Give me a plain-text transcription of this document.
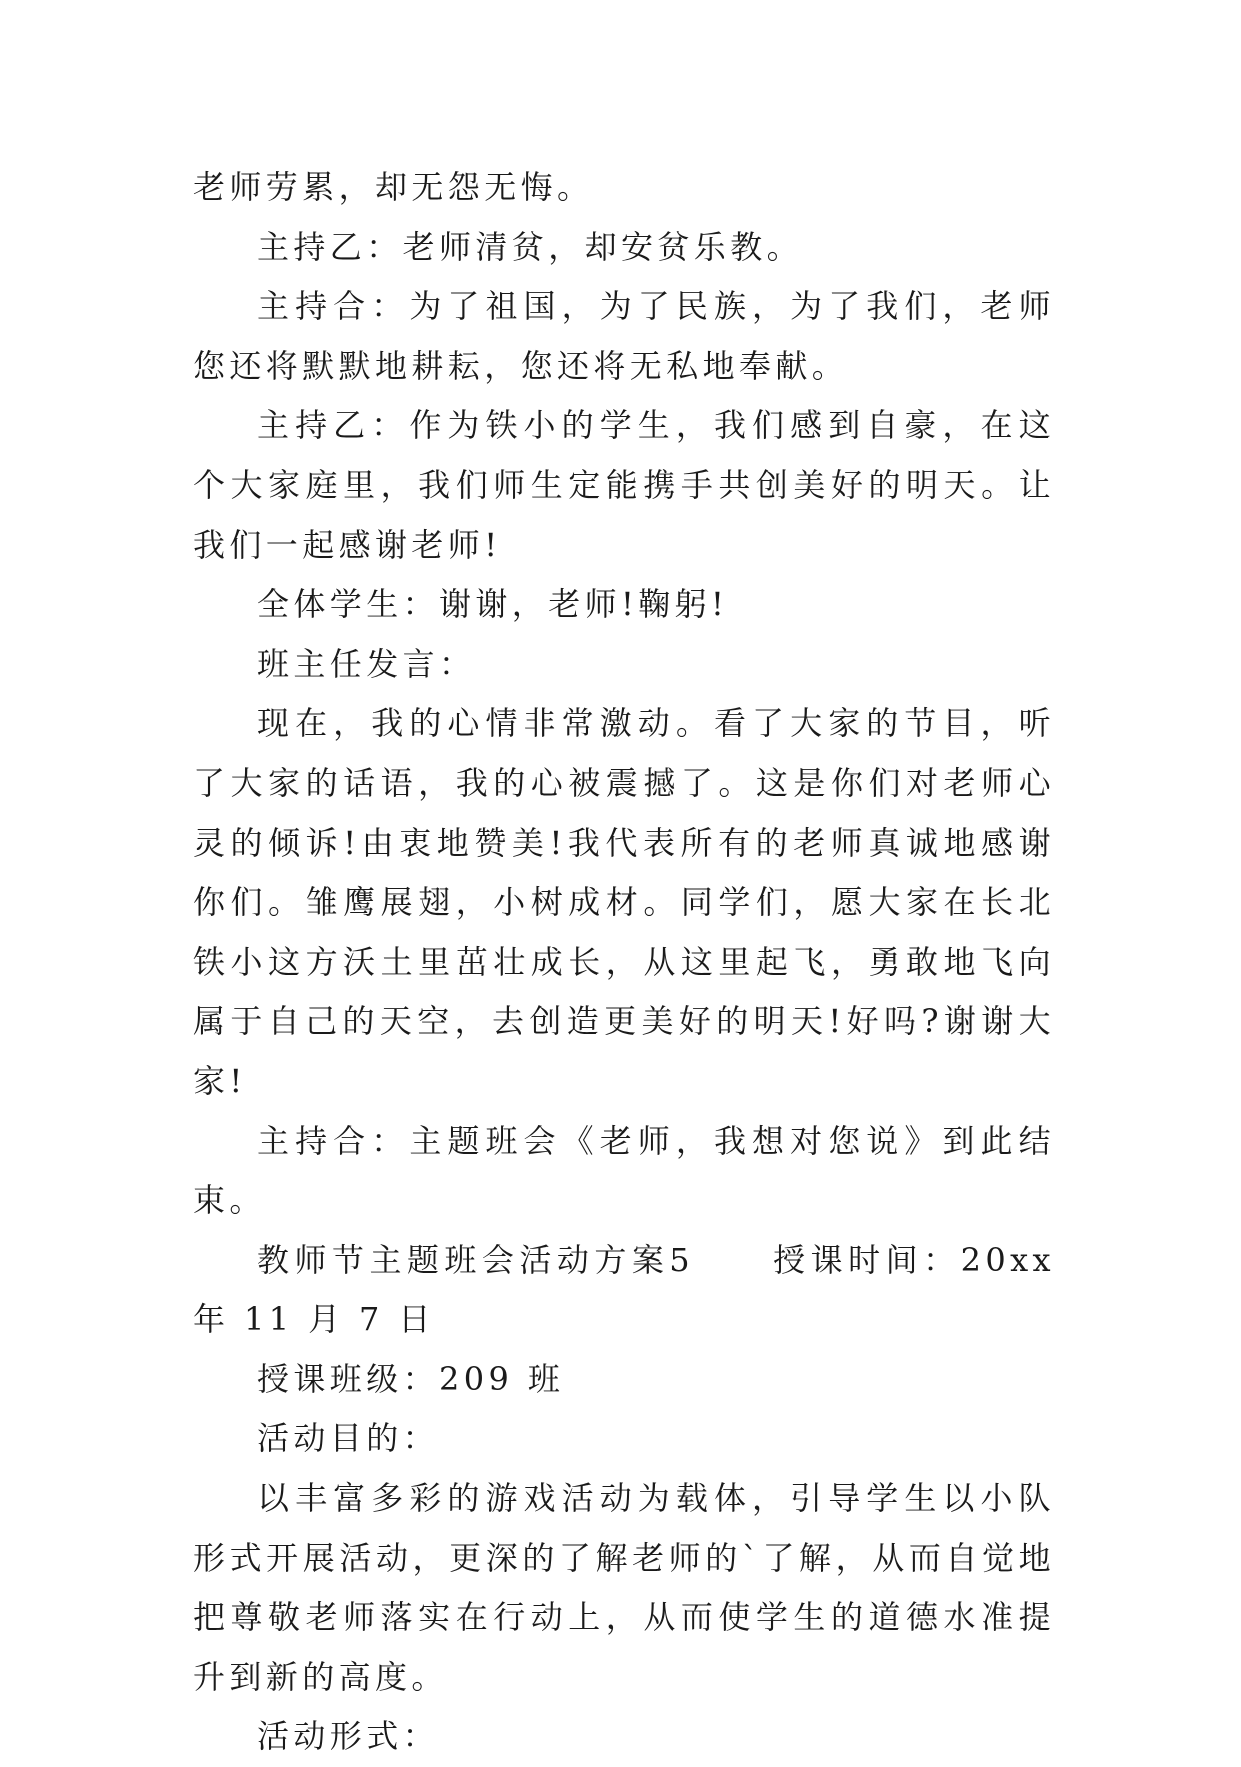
老师劳累，却无怨无悔。

主持乙：老师清贫，却安贫乐教。

主持合：为了祖国，为了民族，为了我们，老师您还将默默地耕耘，您还将无私地奉献。

主持乙：作为铁小的学生，我们感到自豪，在这个大家庭里，我们师生定能携手共创美好的明天。让我们一起感谢老师!

全体学生：谢谢，老师!鞠躬!

班主任发言：

现在，我的心情非常激动。看了大家的节目，听了大家的话语，我的心被震撼了。这是你们对老师心灵的倾诉!由衷地赞美!我代表所有的老师真诚地感谢你们。雏鹰展翅，小树成材。同学们，愿大家在长北铁小这方沃土里茁壮成长，从这里起飞，勇敢地飞向属于自己的天空，去创造更美好的明天!好吗?谢谢大家!

主持合：主题班会《老师，我想对您说》到此结束。

教师节主题班会活动方案5 授课时间：20xx 年 11 月 7 日

授课班级：209 班

活动目的：

以丰富多彩的游戏活动为载体，引导学生以小队形式开展活动，更深的了解老师的`了解，从而自觉地把尊敬老师落实在行动上，从而使学生的道德水准提升到新的高度。

活动形式：
